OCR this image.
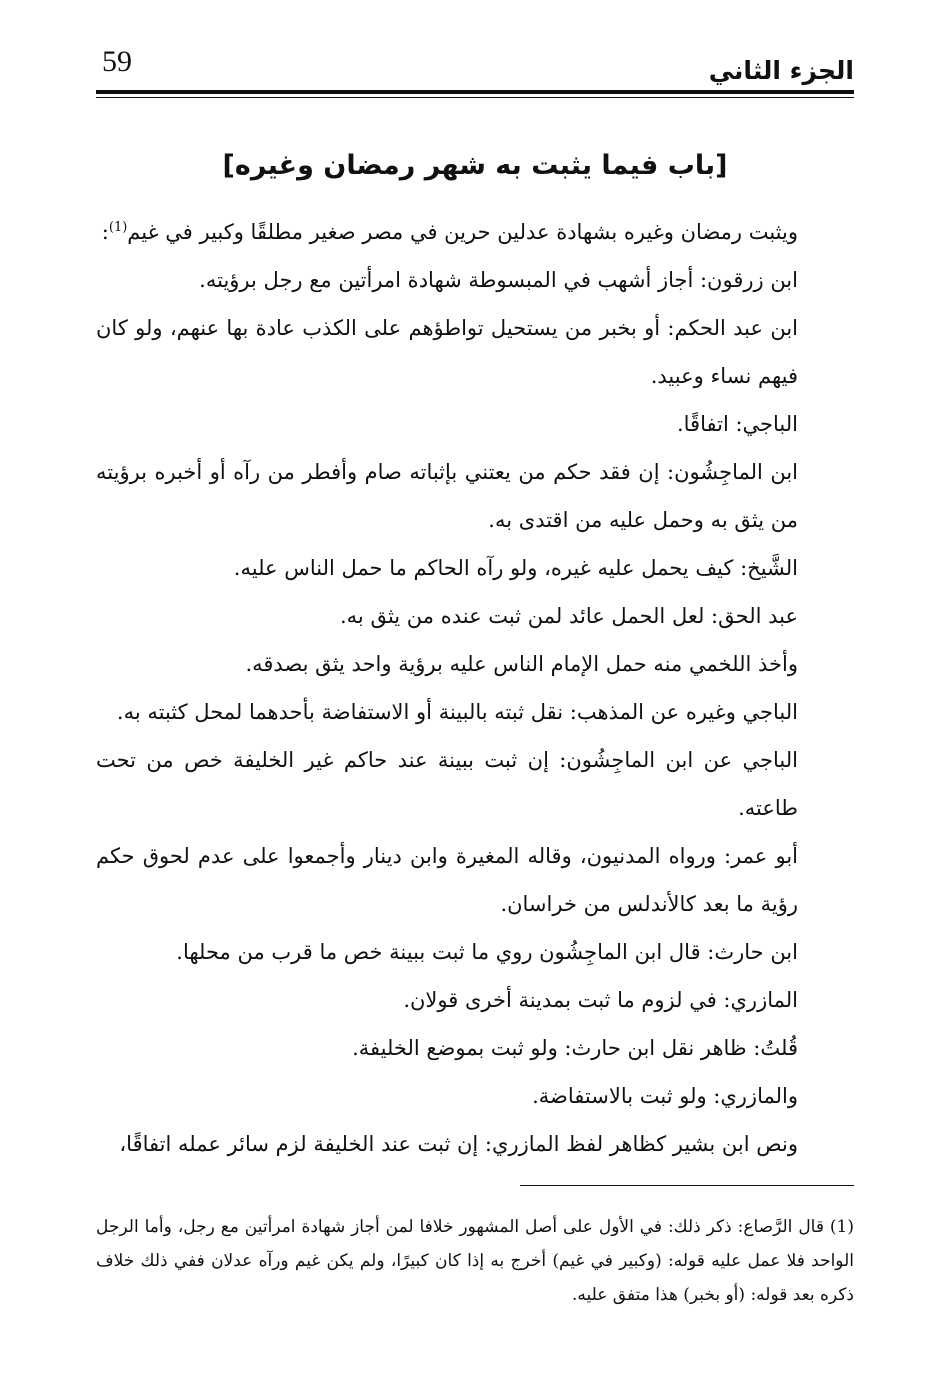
59	الجزء الثاني
[باب فيما يثبت به شهر رمضان وغيره]

ويثبت رمضان وغيره بشهادة عدلين حرين في مصر صغير مطلقًا وكبير في غيم$^{(1)}$:

ابن زرقون: أجاز أشهب في المبسوطة شهادة امرأتين مع رجل برؤيته.

ابن عبد الحكم: أو بخبر من يستحيل تواطؤهم على الكذب عادة بها عنهم، ولو كان فيهم نساء وعبيد.

الباجي: اتفاقًا.

ابن الماجِشُون: إن فقد حكم من يعتني بإثباته صام وأفطر من رآه أو أخبره برؤيته من يثق به وحمل عليه من اقتدى به.

الشَّيخ: كيف يحمل عليه غيره، ولو رآه الحاكم ما حمل الناس عليه.

عبد الحق: لعل الحمل عائد لمن ثبت عنده من يثق به.

وأخذ اللخمي منه حمل الإمام الناس عليه برؤية واحد يثق بصدقه.

الباجي وغيره عن المذهب: نقل ثبته بالبينة أو الاستفاضة بأحدهما لمحل كثبته به.

الباجي عن ابن الماجِشُون: إن ثبت ببينة عند حاكم غير الخليفة خص من تحت طاعته.

أبو عمر: ورواه المدنيون، وقاله المغيرة وابن دينار وأجمعوا على عدم لحوق حكم رؤية ما بعد كالأندلس من خراسان.

ابن حارث: قال ابن الماجِشُون روي ما ثبت ببينة خص ما قرب من محلها.

المازري: في لزوم ما ثبت بمدينة أخرى قولان.

قُلتُ: ظاهر نقل ابن حارث: ولو ثبت بموضع الخليفة.

والمازري: ولو ثبت بالاستفاضة.

ونص ابن بشير كظاهر لفظ المازري: إن ثبت عند الخليفة لزم سائر عمله اتفاقًا،

(1) قال الرَّصاع: ذكر ذلك: في الأول على أصل المشهور خلافا لمن أجاز شهادة امرأتين مع رجل، وأما الرجل الواحد فلا عمل عليه قوله: (وكبير في غيم) أخرج به إذا كان كبيرًا، ولم يكن غيم ورآه عدلان ففي ذلك خلاف ذكره بعد قوله: (أو بخبر) هذا متفق عليه.
